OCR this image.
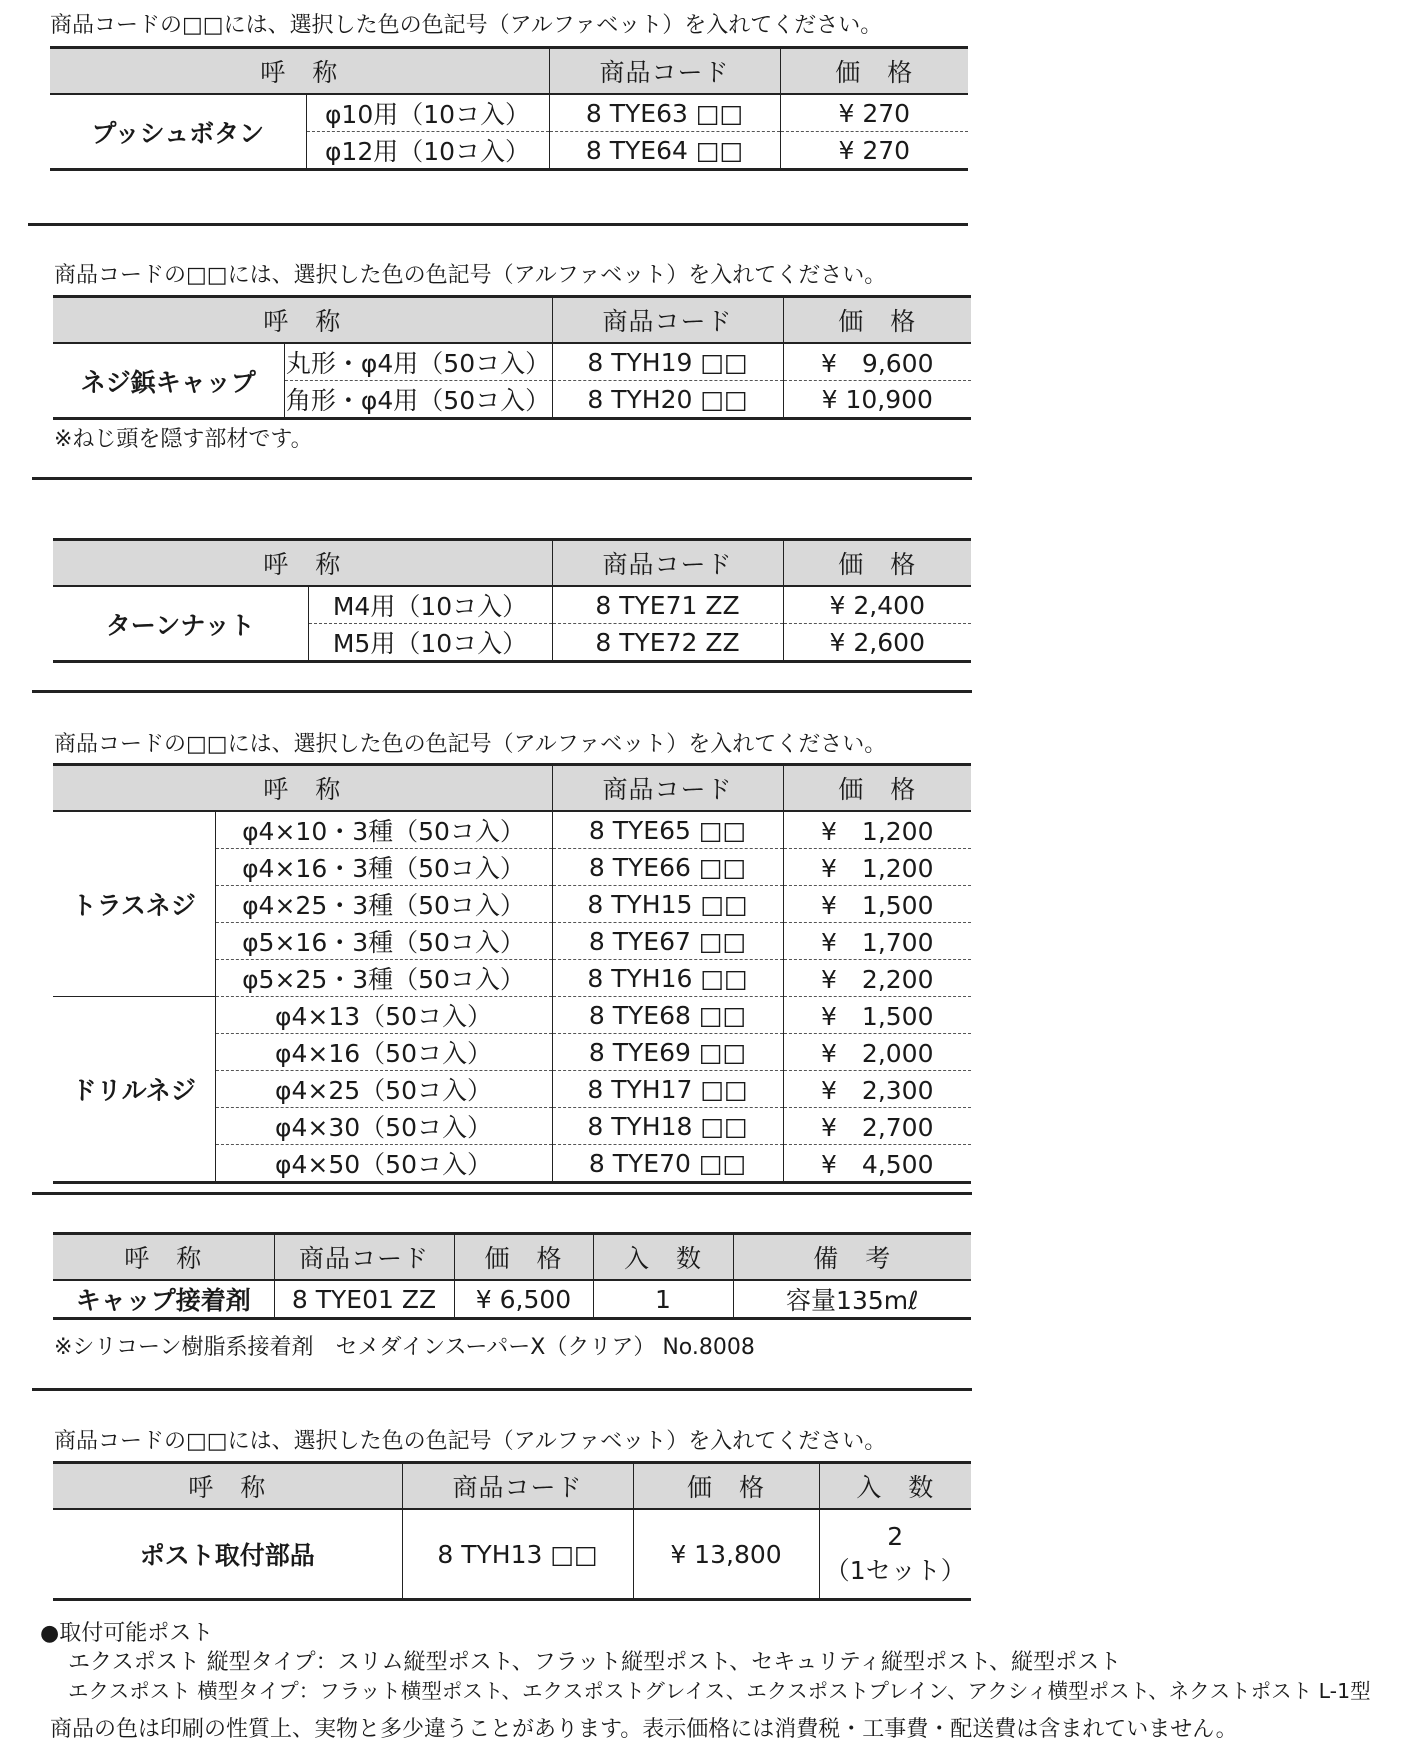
商品コードの□□には、選択した色の色記号（アルファベット）を入れてください。
呼　称		商品コード	価　格
プッシュボタン	φ10用（10コ入）	8 TYE63 □□	¥ 270
	φ12用（10コ入）	8 TYE64 □□	¥ 270
商品コードの□□には、選択した色の色記号（アルファベット）を入れてください。
呼　称		商品コード	価　格
ネジ鋲キャップ	丸形・φ4用（50コ入）	8 TYH19 □□	¥　9,600
	角形・φ4用（50コ入）	8 TYH20 □□	¥ 10,900
※ねじ頭を隠す部材です。
呼　称		商品コード	価　格
ターンナット	M4用（10コ入）	8 TYE71 ZZ	¥ 2,400
	M5用（10コ入）	8 TYE72 ZZ	¥ 2,600
商品コードの□□には、選択した色の色記号（アルファベット）を入れてください。
呼　称		商品コード	価　格
トラスネジ	φ4×10・3種（50コ入）	8 TYE65 □□	¥　1,200
	φ4×16・3種（50コ入）	8 TYE66 □□	¥　1,200
	φ4×25・3種（50コ入）	8 TYH15 □□	¥　1,500
	φ5×16・3種（50コ入）	8 TYE67 □□	¥　1,700
	φ5×25・3種（50コ入）	8 TYH16 □□	¥　2,200
ドリルネジ	φ4×13（50コ入）	8 TYE68 □□	¥　1,500
	φ4×16（50コ入）	8 TYE69 □□	¥　2,000
	φ4×25（50コ入）	8 TYH17 □□	¥　2,300
	φ4×30（50コ入）	8 TYH18 □□	¥　2,700
	φ4×50（50コ入）	8 TYE70 □□	¥　4,500
呼　称	商品コード	価　格	入　数	備　考
キャップ接着剤	8 TYE01 ZZ	¥ 6,500	1	容量135mℓ
※シリコーン樹脂系接着剤　セメダインスーパーX（クリア） No.8008
商品コードの□□には、選択した色の色記号（アルファベット）を入れてください。
呼　称	商品コード	価　格	入　数
ポスト取付部品	8 TYH13 □□	¥ 13,800	2
（1セット）
●取付可能ポスト
エクスポスト 縦型タイプ：スリム縦型ポスト、フラット縦型ポスト、セキュリティ縦型ポスト、縦型ポスト
エクスポスト 横型タイプ：フラット横型ポスト、エクスポストグレイス、エクスポストプレイン、アクシィ横型ポスト、ネクストポスト L-1型
商品の色は印刷の性質上、実物と多少違うことがあります。表示価格には消費税・工事費・配送費は含まれていません。
